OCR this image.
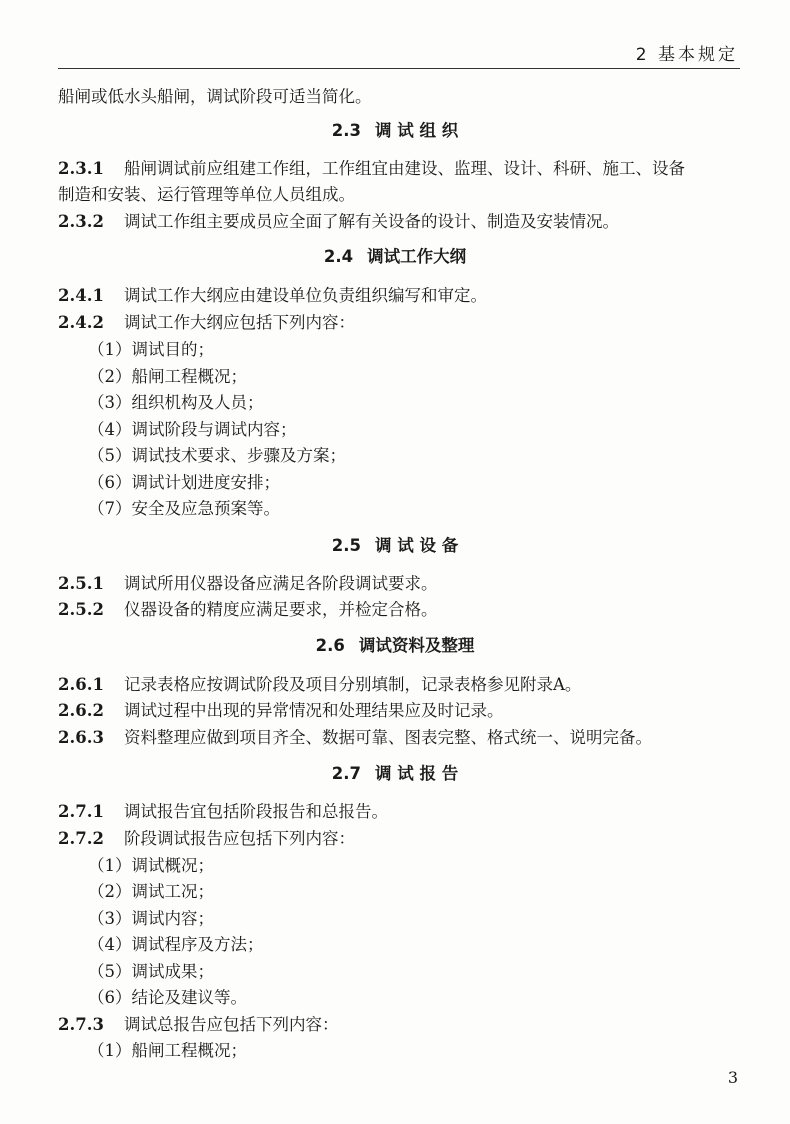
2 基本规定
船闸或低水头船闸，调试阶段可适当简化。
2.3 调 试 组 织
2.3.1 船闸调试前应组建工作组，工作组宜由建设、监理、设计、科研、施工、设备
制造和安装、运行管理等单位人员组成。
2.3.2 调试工作组主要成员应全面了解有关设备的设计、制造及安装情况。
2.4 调试工作大纲
2.4.1 调试工作大纲应由建设单位负责组织编写和审定。
2.4.2 调试工作大纲应包括下列内容：
（1）调试目的；
（2）船闸工程概况；
（3）组织机构及人员；
（4）调试阶段与调试内容；
（5）调试技术要求、步骤及方案；
（6）调试计划进度安排；
（7）安全及应急预案等。
2.5 调 试 设 备
2.5.1 调试所用仪器设备应满足各阶段调试要求。
2.5.2 仪器设备的精度应满足要求，并检定合格。
2.6 调试资料及整理
2.6.1 记录表格应按调试阶段及项目分别填制，记录表格参见附录A。
2.6.2 调试过程中出现的异常情况和处理结果应及时记录。
2.6.3 资料整理应做到项目齐全、数据可靠、图表完整、格式统一、说明完备。
2.7 调 试 报 告
2.7.1 调试报告宜包括阶段报告和总报告。
2.7.2 阶段调试报告应包括下列内容：
（1）调试概况；
（2）调试工况；
（3）调试内容；
（4）调试程序及方法；
（5）调试成果；
（6）结论及建议等。
2.7.3 调试总报告应包括下列内容：
（1）船闸工程概况；
3
